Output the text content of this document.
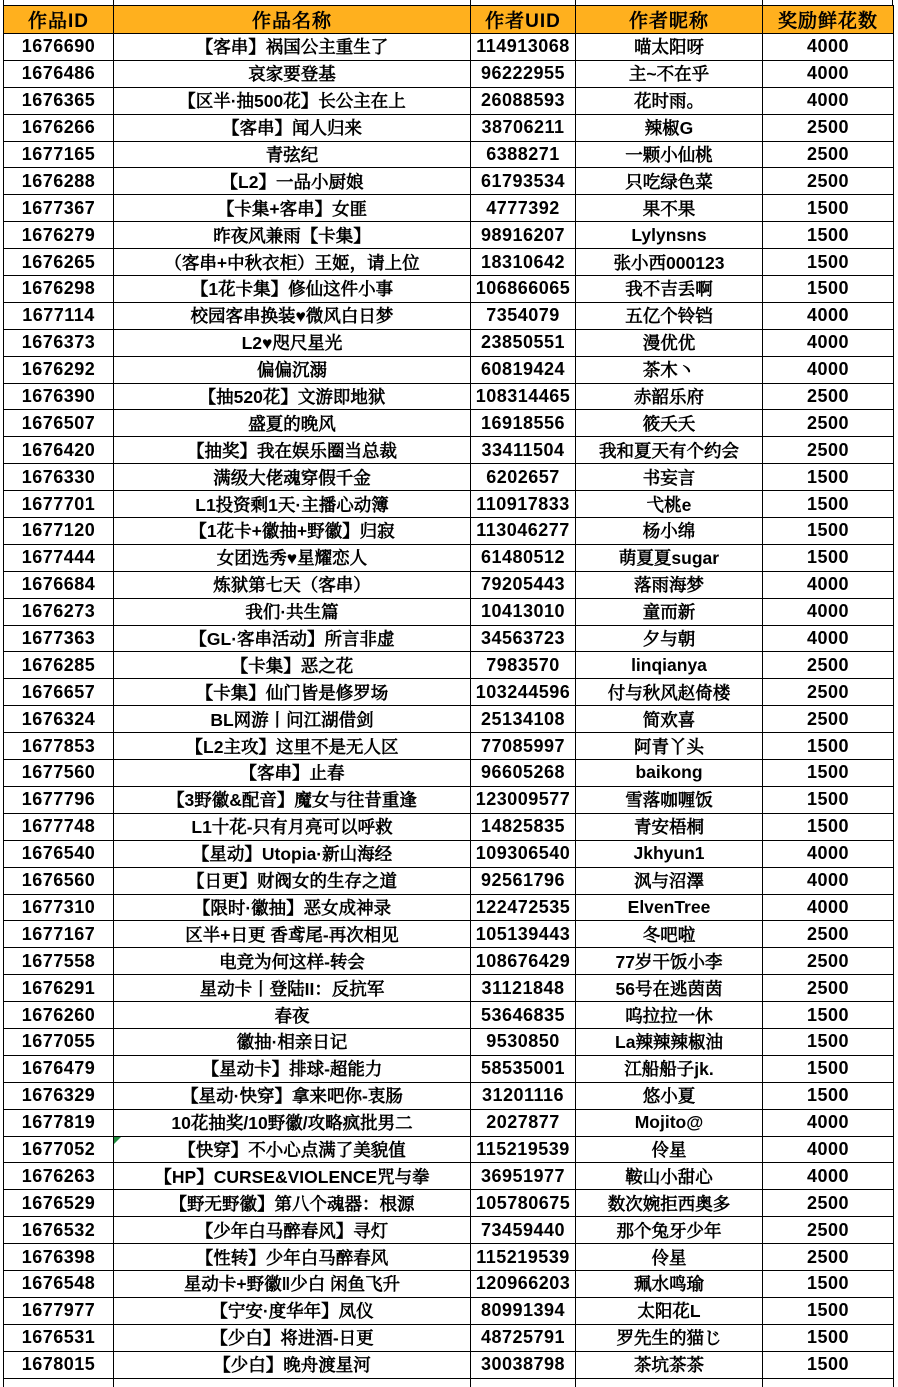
作品ID	作品名称	作者UID	作者昵称	奖励鲜花数
1676690	【客串】祸国公主重生了	114913068	喵太阳呀	4000
1676486	哀家要登基	96222955	主~不在乎	4000
1676365	【区半·抽500花】长公主在上	26088593	花时雨。	4000
1676266	【客串】闻人归来	38706211	辣椒G	2500
1677165	青弦纪	6388271	一颗小仙桃	2500
1676288	【L2】一品小厨娘	61793534	只吃绿色菜	2500
1677367	【卡集+客串】女匪	4777392	果不果	1500
1676279	昨夜风兼雨【卡集】	98916207	Lylynsns	1500
1676265	（客串+中秋衣柜）王姬，请上位	18310642	张小西000123	1500
1676298	【1花卡集】修仙这件小事	106866065	我不吉丢啊	1500
1677114	校园客串换装♥微风白日梦	7354079	五亿个铃铛	4000
1676373	L2♥咫尺星光	23850551	漫优优	4000
1676292	偏偏沉溺	60819424	茶木丶	4000
1676390	【抽520花】文游即地狱	108314465	赤韶乐府	2500
1676507	盛夏的晚风	16918556	筱夭夭	2500
1676420	【抽奖】我在娱乐圈当总裁	33411504	我和夏天有个约会	2500
1676330	满级大佬魂穿假千金	6202657	书妄言	1500
1677701	L1投资剩1天·主播心动簿	110917833	弋桃e	1500
1677120	【1花卡+徽抽+野徽】归寂	113046277	杨小绵	1500
1677444	女团选秀♥星耀恋人	61480512	萌夏夏sugar	1500
1676684	炼狱第七天（客串）	79205443	落雨海梦	4000
1676273	我们·共生篇	10413010	童而新	4000
1677363	【GL·客串活动】所言非虚	34563723	夕与朝	4000
1676285	【卡集】恶之花	7983570	linqianya	2500
1676657	【卡集】仙门皆是修罗场	103244596	付与秋风赵倚楼	2500
1676324	BL网游丨问江湖借剑	25134108	简欢喜	2500
1677853	【L2主攻】这里不是无人区	77085997	阿青丫头	1500
1677560	【客串】止春	96605268	baikong	1500
1677796	【3野徽&配音】魔女与往昔重逢	123009577	雪落咖喱饭	1500
1677748	L1十花-只有月亮可以呼救	14825835	青安梧桐	1500
1676540	【星动】Utopia·新山海经	109306540	Jkhyun1	4000
1676560	【日更】财阀女的生存之道	92561796	沨与沼澤	4000
1677310	【限时·徽抽】恶女成神录	122472535	ElvenTree	4000
1677167	区半+日更 香鸢尾-再次相见	105139443	冬吧啦	2500
1677558	电竞为何这样-转会	108676429	77岁干饭小李	2500
1676291	星动卡丨登陆II：反抗军	31121848	56号在逃茵茵	2500
1676260	春夜	53646835	呜拉拉一休	1500
1677055	徽抽·相亲日记	9530850	La辣辣辣椒油	1500
1676479	【星动卡】排球-超能力	58535001	江船船子jk.	1500
1676329	【星动·快穿】拿来吧你-衷肠	31201116	悠小夏	1500
1677819	10花抽奖/10野徽/攻略疯批男二	2027877	Mojito@	4000
1677052	【快穿】不小心点满了美貌值	115219539	伶星	4000
1676263	【HP】CURSE&VIOLENCE咒与拳	36951977	鞍山小甜心	4000
1676529	【野无野徽】第八个魂器：根源	105780675	数次婉拒西奥多	2500
1676532	【少年白马醉春风】寻灯	73459440	那个兔牙少年	2500
1676398	【性转】少年白马醉春风	115219539	伶星	2500
1676548	星动卡+野徽‖少白 闲鱼飞升	120966203	珮水鸣瑜	1500
1677977	【宁安·度华年】凤仪	80991394	太阳花L	1500
1676531	【少白】将进酒-日更	48725791	罗先生的猫じ	1500
1678015	【少白】晚舟渡星河	30038798	茶坑茶茶	1500
